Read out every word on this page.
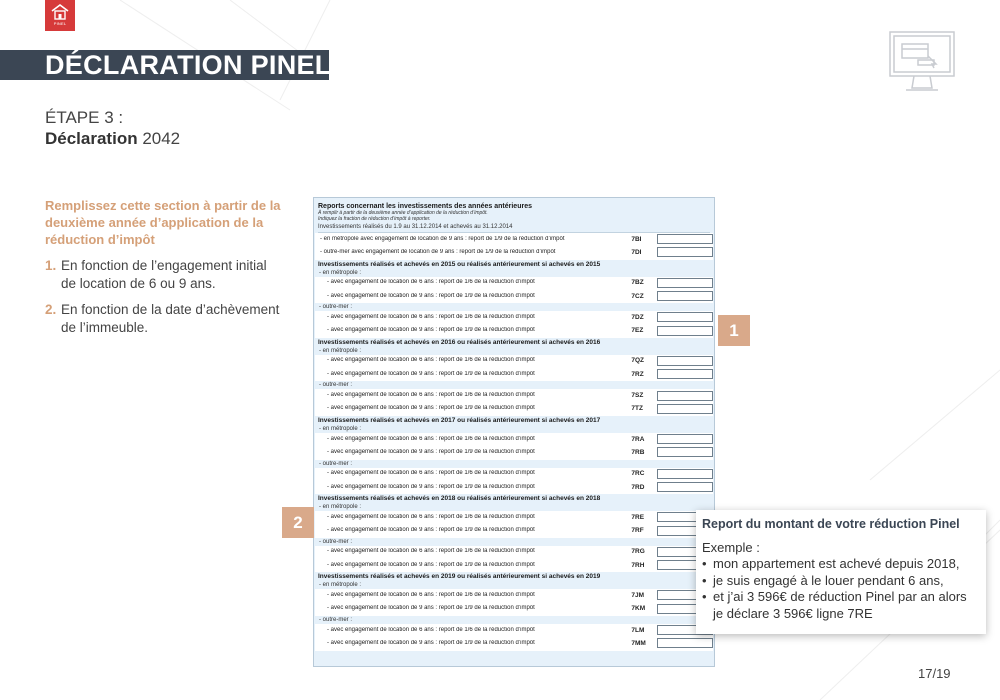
PINEL
DÉCLARATION PINEL
ÉTAPE 3 :
Déclaration 2042
Remplissez cette section à partir de la deuxième année d’application de la réduction d’impôt
1. En fonction de l’engagement initial de location de 6 ou 9 ans.
2. En fonction de la date d’achèvement de l’immeuble.
Reports concernant les investissements des années antérieures
À remplir à partir de la deuxième année d’application de la réduction d’impôt.
Indiquez la fraction de réduction d’impôt à reporter.
Investissements réalisés du 1.9 au 31.12.2014 et achevés au 31.12.2014
- en métropole avec engagement de location de 9 ans : report de 1/9 de la réduction d’impôt	7BI
- outre-mer avec engagement de location de 9 ans : report de 1/9 de la réduction d’impôt	7DI
Investissements réalisés et achevés en 2015 ou réalisés antérieurement si achevés en 2015
- en métropole :
- avec engagement de location de 6 ans : report de 1/6 de la réduction d’impôt	7BZ
- avec engagement de location de 9 ans : report de 1/9 de la réduction d’impôt	7CZ
- outre-mer :
- avec engagement de location de 6 ans : report de 1/6 de la réduction d’impôt	7DZ
- avec engagement de location de 9 ans : report de 1/9 de la réduction d’impôt	7EZ
Investissements réalisés et achevés en 2016 ou réalisés antérieurement si achevés en 2016
- en métropole :
- avec engagement de location de 6 ans : report de 1/6 de la réduction d’impôt	7QZ
- avec engagement de location de 9 ans : report de 1/9 de la réduction d’impôt	7RZ
- outre-mer :
- avec engagement de location de 6 ans : report de 1/6 de la réduction d’impôt	7SZ
- avec engagement de location de 9 ans : report de 1/9 de la réduction d’impôt	7TZ
Investissements réalisés et achevés en 2017 ou réalisés antérieurement si achevés en 2017
- en métropole :
- avec engagement de location de 6 ans : report de 1/6 de la réduction d’impôt	7RA
- avec engagement de location de 9 ans : report de 1/9 de la réduction d’impôt	7RB
- outre-mer :
- avec engagement de location de 6 ans : report de 1/6 de la réduction d’impôt	7RC
- avec engagement de location de 9 ans : report de 1/9 de la réduction d’impôt	7RD
Investissements réalisés et achevés en 2018 ou réalisés antérieurement si achevés en 2018
- en métropole :
- avec engagement de location de 6 ans : report de 1/6 de la réduction d’impôt	7RE
- avec engagement de location de 9 ans : report de 1/9 de la réduction d’impôt	7RF
- outre-mer :
- avec engagement de location de 6 ans : report de 1/6 de la réduction d’impôt	7RG
- avec engagement de location de 9 ans : report de 1/9 de la réduction d’impôt	7RH
Investissements réalisés et achevés en 2019 ou réalisés antérieurement si achevés en 2019
- en métropole :
- avec engagement de location de 6 ans : report de 1/6 de la réduction d’impôt	7JM
- avec engagement de location de 9 ans : report de 1/9 de la réduction d’impôt	7KM
- outre-mer :
- avec engagement de location de 6 ans : report de 1/6 de la réduction d’impôt	7LM
- avec engagement de location de 9 ans : report de 1/9 de la réduction d’impôt	7MM
1
2	Report du montant de votre réduction Pinel
Exemple :
• mon appartement est achevé depuis 2018,
• je suis engagé à le louer pendant 6 ans,
• et j’ai 3 596€ de réduction Pinel par an alors je déclare 3 596€ ligne 7RE
17/19
